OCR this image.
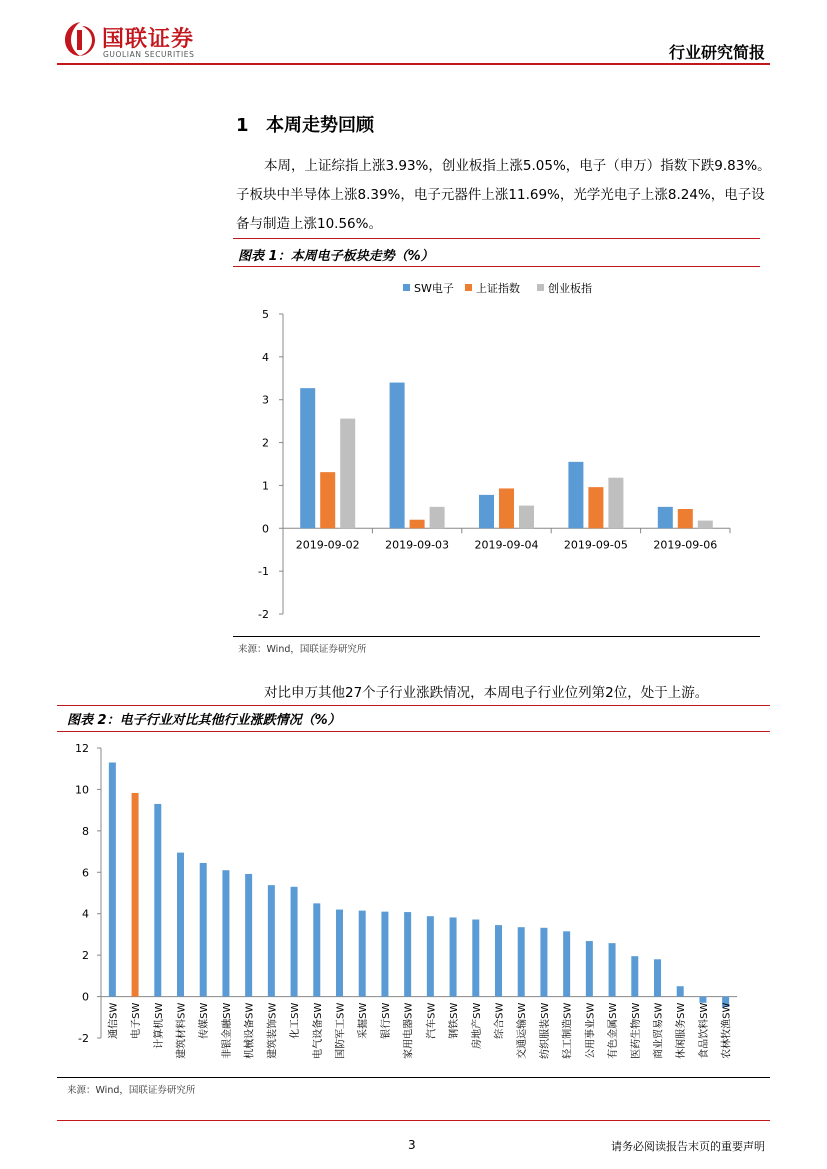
国联证券
GUOLIAN SECURITIES	行业研究简报
1 本周走势回顾
本周，上证综指上涨3.93%，创业板指上涨5.05%，电子（申万）指数下跌9.83%。子板块中半导体上涨8.39%，电子元器件上涨11.69%，光学光电子上涨8.24%，电子设备与制造上涨10.56%。
图表 1：本周电子板块走势（%）
SW电子 上证指数	创业板指
-2
-1
0
1
2
3
4
5
2019-09-02 2019-09-03 2019-09-04 2019-09-05 2019-09-06
来源：Wind，国联证券研究所
对比申万其他27个子行业涨跌情况，本周电子行业位列第2位，处于上游。
图表 2：电子行业对比其他行业涨跌情况（%）
-2
0
2
4
6
8
10
12
通信SW 电子SW 计算机SW 建筑材料SW 传媒SW 非银金融SW 机械设备SW 建筑装饰SW 化工SW 电气设备SW 国防军工SW 采掘SW 银行SW 家用电器SW 汽车SW 钢铁SW 房地产SW 综合SW 交通运输SW 纺织服装SW 轻工制造SW 公用事业SW 有色金属SW 医药生物SW 商业贸易SW 休闲服务SW 食品饮料SW 农林牧渔SW
来源：Wind，国联证券研究所
3	请务必阅读报告末页的重要声明
